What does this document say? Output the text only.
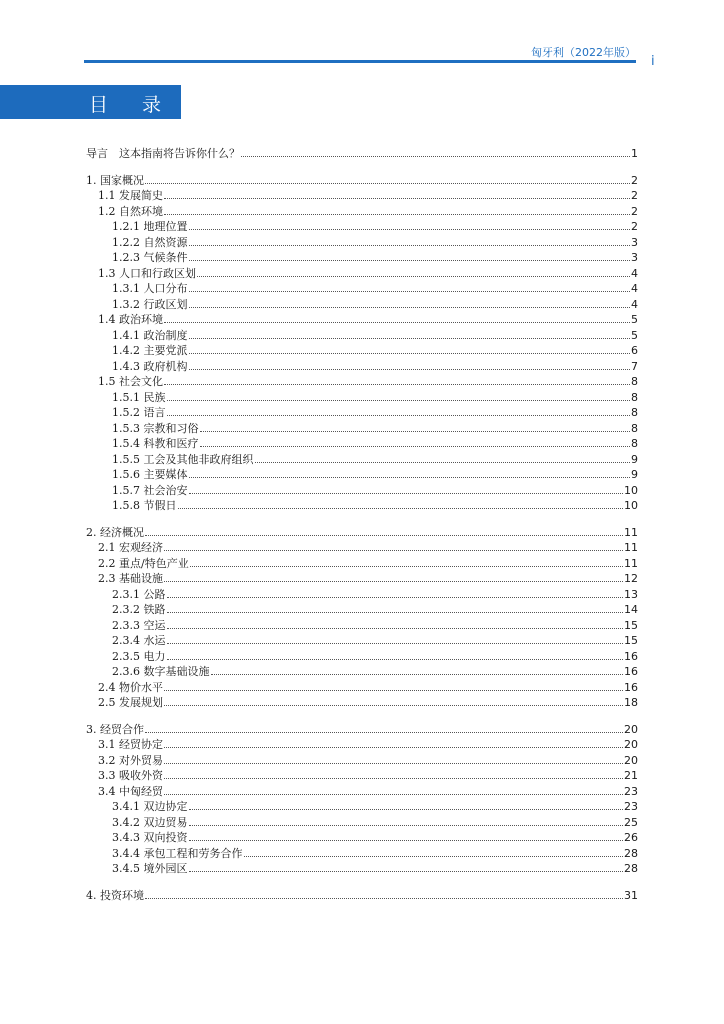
匈牙利（2022年版）
i
目 录
导言　这本指南将告诉你什么？	1
1. 国家概况	2
1.1 发展简史	2
1.2 自然环境	2
1.2.1 地理位置	2
1.2.2 自然资源	3
1.2.3 气候条件	3
1.3 人口和行政区划	4
1.3.1 人口分布	4
1.3.2 行政区划	4
1.4 政治环境	5
1.4.1 政治制度	5
1.4.2 主要党派	6
1.4.3 政府机构	7
1.5 社会文化	8
1.5.1 民族	8
1.5.2 语言	8
1.5.3 宗教和习俗	8
1.5.4 科教和医疗	8
1.5.5 工会及其他非政府组织	9
1.5.6 主要媒体	9
1.5.7 社会治安	10
1.5.8 节假日	10
2. 经济概况	11
2.1 宏观经济	11
2.2 重点/特色产业	11
2.3 基础设施	12
2.3.1 公路	13
2.3.2 铁路	14
2.3.3 空运	15
2.3.4 水运	15
2.3.5 电力	16
2.3.6 数字基础设施	16
2.4 物价水平	16
2.5 发展规划	18
3. 经贸合作	20
3.1 经贸协定	20
3.2 对外贸易	20
3.3 吸收外资	21
3.4 中匈经贸	23
3.4.1 双边协定	23
3.4.2 双边贸易	25
3.4.3 双向投资	26
3.4.4 承包工程和劳务合作	28
3.4.5 境外园区	28
4. 投资环境	31
